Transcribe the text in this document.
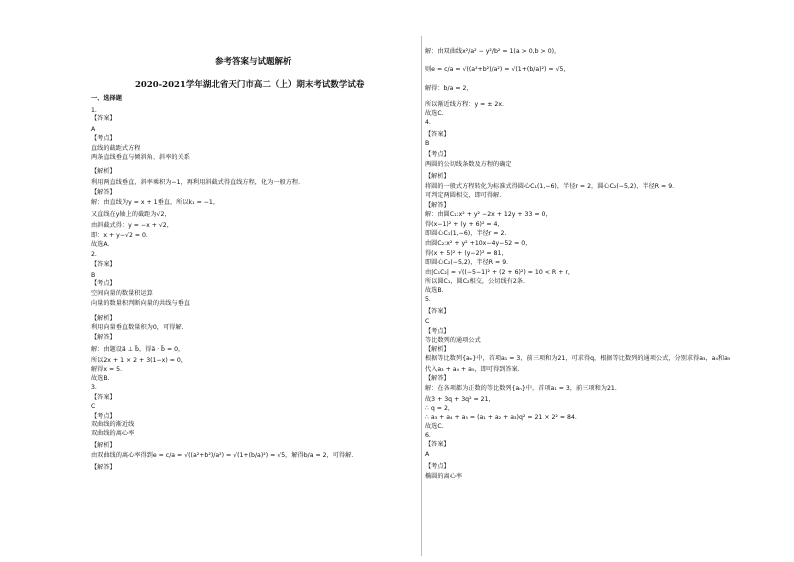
参考答案与试题解析
2020-2021学年湖北省天门市高二（上）期末考试数学试卷
一、选择题
1.
【答案】
A
【考点】
直线的截距式方程
两条直线垂直与倾斜角、斜率的关系
【解析】
利用两直线垂直，斜率乘积为−1，再利用斜截式得直线方程，化为一般方程.
【解答】
解：由直线为y = x + 1垂直，所以k₁ = −1，
又直线在y轴上的截距为√2，
由斜截式得：y = −x + √2，
即：x + y−√2 = 0.
故选A.
2.
【答案】
B
【考点】
空间向量的数量积运算
向量的数量积判断向量的共线与垂直
【解析】
利用向量垂直数量积为0，可得解.
【解答】
解：由题设a⃗ ⊥ b⃗，得a⃗ · b⃗ = 0，
所以2x + 1 × 2 + 3(1−x) = 0，
解得x = 5.
故选B.
3.
【答案】
C
【考点】
双曲线的渐近线
双曲线的离心率
【解析】
由双曲线的离心率得到e = c/a = √((a²+b²)/a²) = √(1+(b/a)²) = √5，解得b/a = 2，可得解.
【解答】
解：由双曲线x²/a² − y²/b² = 1(a > 0,b > 0)，
则e = c/a = √((a²+b²)/a²) = √(1+(b/a)²) = √5，
解得：b/a = 2，
所以渐近线方程：y = ± 2x.
故选C.
4.
【答案】
B
【考点】
两圆的公切线条数及方程的确定
【解析】
将圆的一般式方程转化为标准式得圆心C₁(1,−6)，半径r = 2，圆心C₂(−5,2)，半径R = 9.
可判定两圆相交，即可得解.
【解答】
解：由圆C₁:x² + y² −2x + 12y + 33 = 0，
得(x−1)² + (y + 6)² = 4，
即圆心C₁(1,−6)，半径r = 2.
由圆C₂:x² + y² +10x−4y−52 = 0，
得(x + 5)² + (y−2)² = 81，
即圆心C₂(−5,2)，半径R = 9.
由|C₁C₂| = √((−5−1)² + (2 + 6)²) = 10 < R + r，
所以圆C₁，圆C₂相交，公切线有2条.
故选B.
5.
【答案】
C
【考点】
等比数列的通项公式
【解析】
根据等比数列{aₙ}中，首项a₁ = 3，前三项和为21，可求得q，根据等比数列的通项公式，分别求得a₃，a₄和a₅
代入a₃ + a₄ + a₅，即可得到答案.
【解答】
解：在各项都为正数的等比数列{aₙ}中，首项a₁ = 3，前三项和为21.
故3 + 3q + 3q² = 21，
∴ q = 2，
∴ a₃ + a₄ + a₅ = (a₁ + a₂ + a₃)q² = 21 × 2² = 84.
故选C.
6.
【答案】
A
【考点】
椭圆的离心率
